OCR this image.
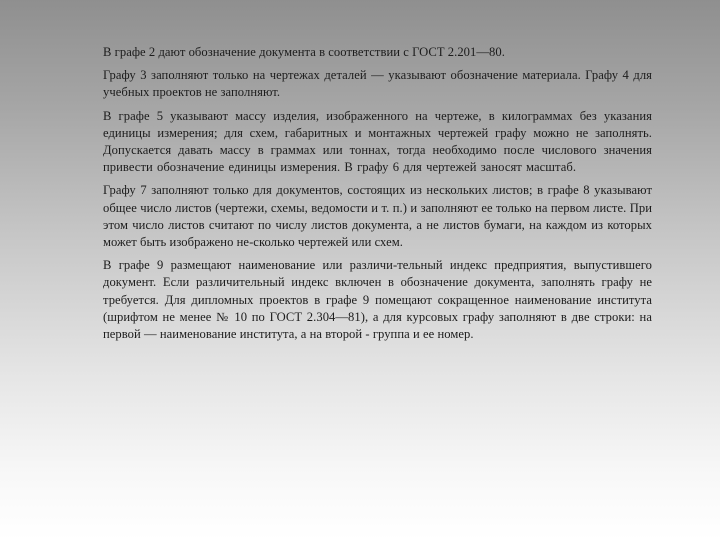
В графе 2 дают обозначение документа в соответствии с ГОСТ 2.201—80.

Графу 3 заполняют только на чертежах деталей — указывают обозначение материала. Графу 4 для учебных проектов не заполняют.

В графе 5 указывают массу изделия, изображенного на чертеже, в килограммах без указания единицы измерения; для схем, габаритных и монтажных чертежей графу можно не заполнять. Допускается давать массу в граммах или тоннах, тогда необходимо после числового значения привести обозначение единицы измерения. В графу 6 для чертежей заносят масштаб.

Графу 7 заполняют только для документов, состоящих из нескольких листов; в графе 8 указывают общее число листов (чертежи, схемы, ведомости и т. п.) и заполняют ее только на первом листе. При этом число листов считают по числу листов документа, а не листов бумаги, на каждом из которых может быть изображено не-сколько чертежей или схем.

В графе 9 размещают наименование или различи-тельный индекс предприятия, выпустившего документ. Если различительный индекс включен в обозначение документа, заполнять графу не требуется. Для дипломных проектов в графе 9 помещают сокращенное наименование института (шрифтом не менее № 10 по ГОСТ 2.304—81), а для курсовых графу заполняют в две строки: на первой — наименование института, а на второй - группа и ее номер.
